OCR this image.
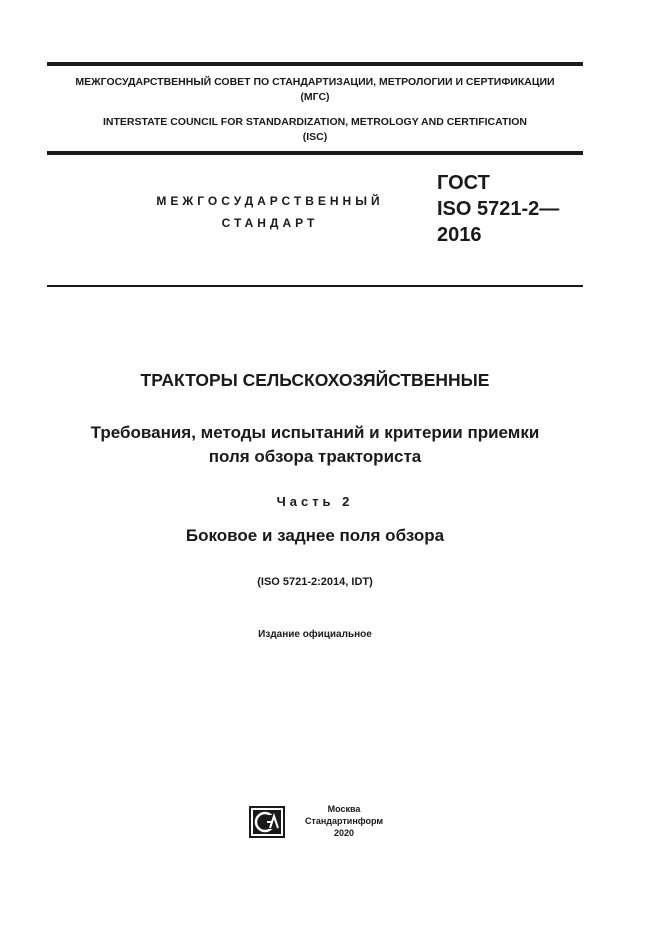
МЕЖГОСУДАРСТВЕННЫЙ СОВЕТ ПО СТАНДАРТИЗАЦИИ, МЕТРОЛОГИИ И СЕРТИФИКАЦИИ
(МГС)
INTERSTATE COUNCIL FOR STANDARDIZATION, METROLOGY AND CERTIFICATION
(ISC)
МЕЖГОСУДАРСТВЕННЫЙ
СТАНДАРТ
ГОСТ
ISO 5721-2—
2016
ТРАКТОРЫ СЕЛЬСКОХОЗЯЙСТВЕННЫЕ
Требования, методы испытаний и критерии приемки
поля обзора тракториста
Часть 2
Боковое и заднее поля обзора
(ISO 5721-2:2014, IDT)
Издание официальное
Москва
Стандартинформ
2020
